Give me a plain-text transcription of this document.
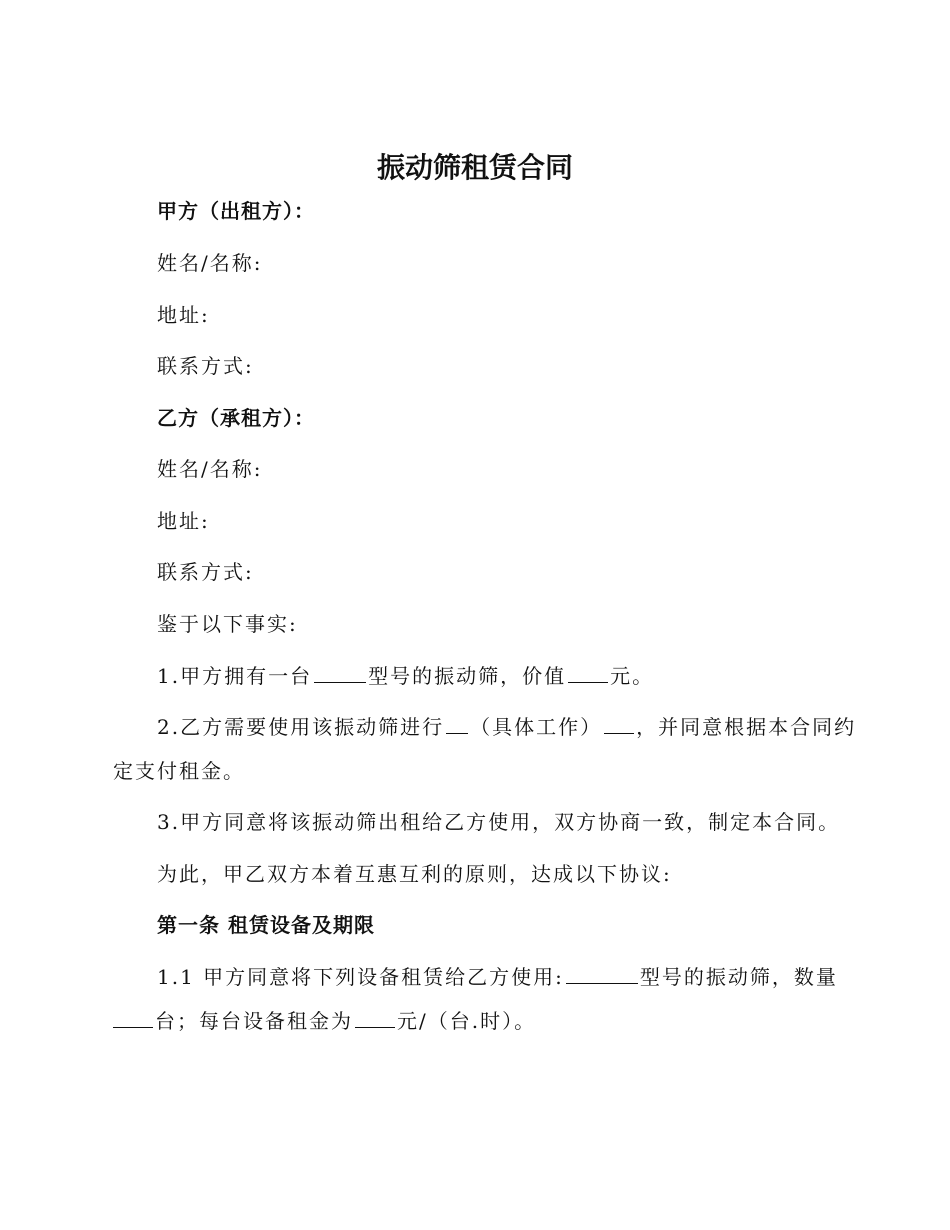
振动筛租赁合同
甲方（出租方）：
姓名/名称:
地址:
联系方式:
乙方（承租方）：
姓名/名称:
地址:
联系方式:
鉴于以下事实:
1.甲方拥有一台	型号的振动筛，价值 元。
2.乙方需要使用该振动筛进行 （具体工作） ，并同意根据本合同约
定支付租金。
3.甲方同意将该振动筛出租给乙方使用，双方协商一致，制定本合同。
为此，甲乙双方本着互惠互利的原则，达成以下协议:
第一条 租赁设备及期限
1.1 甲方同意将下列设备租赁给乙方使用:	型号的振动筛，数量
台；每台设备租金为 元/（台.时）。
